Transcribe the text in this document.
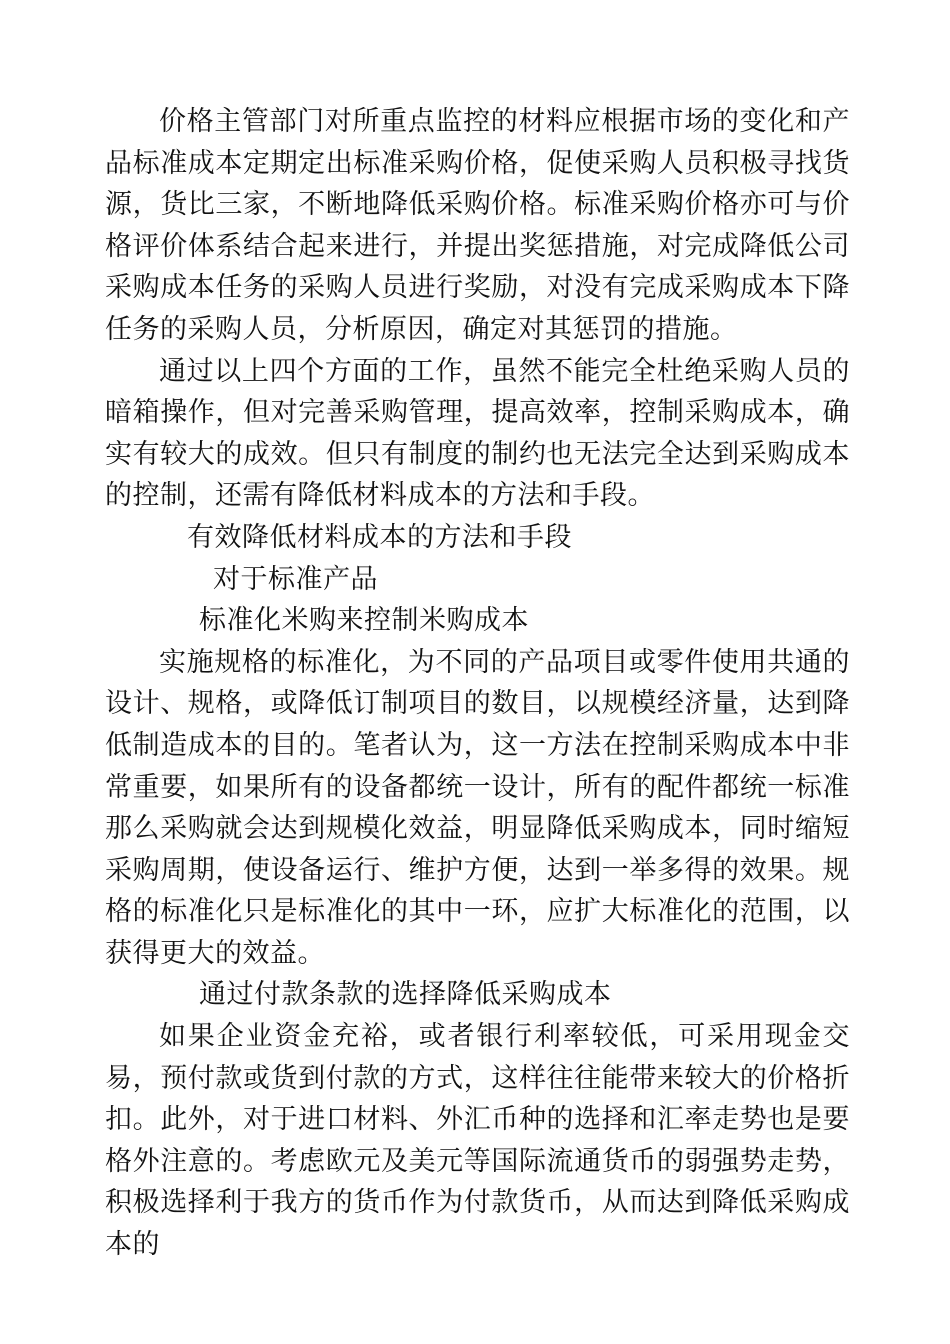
价格主管部门对所重点监控的材料应根据市场的变化和产品标准成本定期定出标准采购价格，促使采购人员积极寻找货源，货比三家，不断地降低采购价格。标准采购价格亦可与价格评价体系结合起来进行，并提出奖惩措施，对完成降低公司采购成本任务的采购人员进行奖励，对没有完成采购成本下降任务的采购人员，分析原因，确定对其惩罚的措施。

通过以上四个方面的工作，虽然不能完全杜绝采购人员的暗箱操作，但对完善采购管理，提高效率，控制采购成本，确实有较大的成效。但只有制度的制约也无法完全达到采购成本的控制，还需有降低材料成本的方法和手段。

有效降低材料成本的方法和手段

对于标准产品

标准化米购来控制米购成本

实施规格的标准化，为不同的产品项目或零件使用共通的设计、规格，或降低订制项目的数目，以规模经济量，达到降低制造成本的目的。笔者认为，这一方法在控制采购成本中非常重要，如果所有的设备都统一设计，所有的配件都统一标准那么采购就会达到规模化效益，明显降低采购成本，同时缩短采购周期，使设备运行、维护方便，达到一举多得的效果。规格的标准化只是标准化的其中一环，应扩大标准化的范围，以获得更大的效益。

通过付款条款的选择降低采购成本

如果企业资金充裕，或者银行利率较低，可采用现金交易，预付款或货到付款的方式，这样往往能带来较大的价格折扣。此外，对于进口材料、外汇币种的选择和汇率走势也是要格外注意的。考虑欧元及美元等国际流通货币的弱强势走势，积极选择利于我方的货币作为付款货币，从而达到降低采购成本的
